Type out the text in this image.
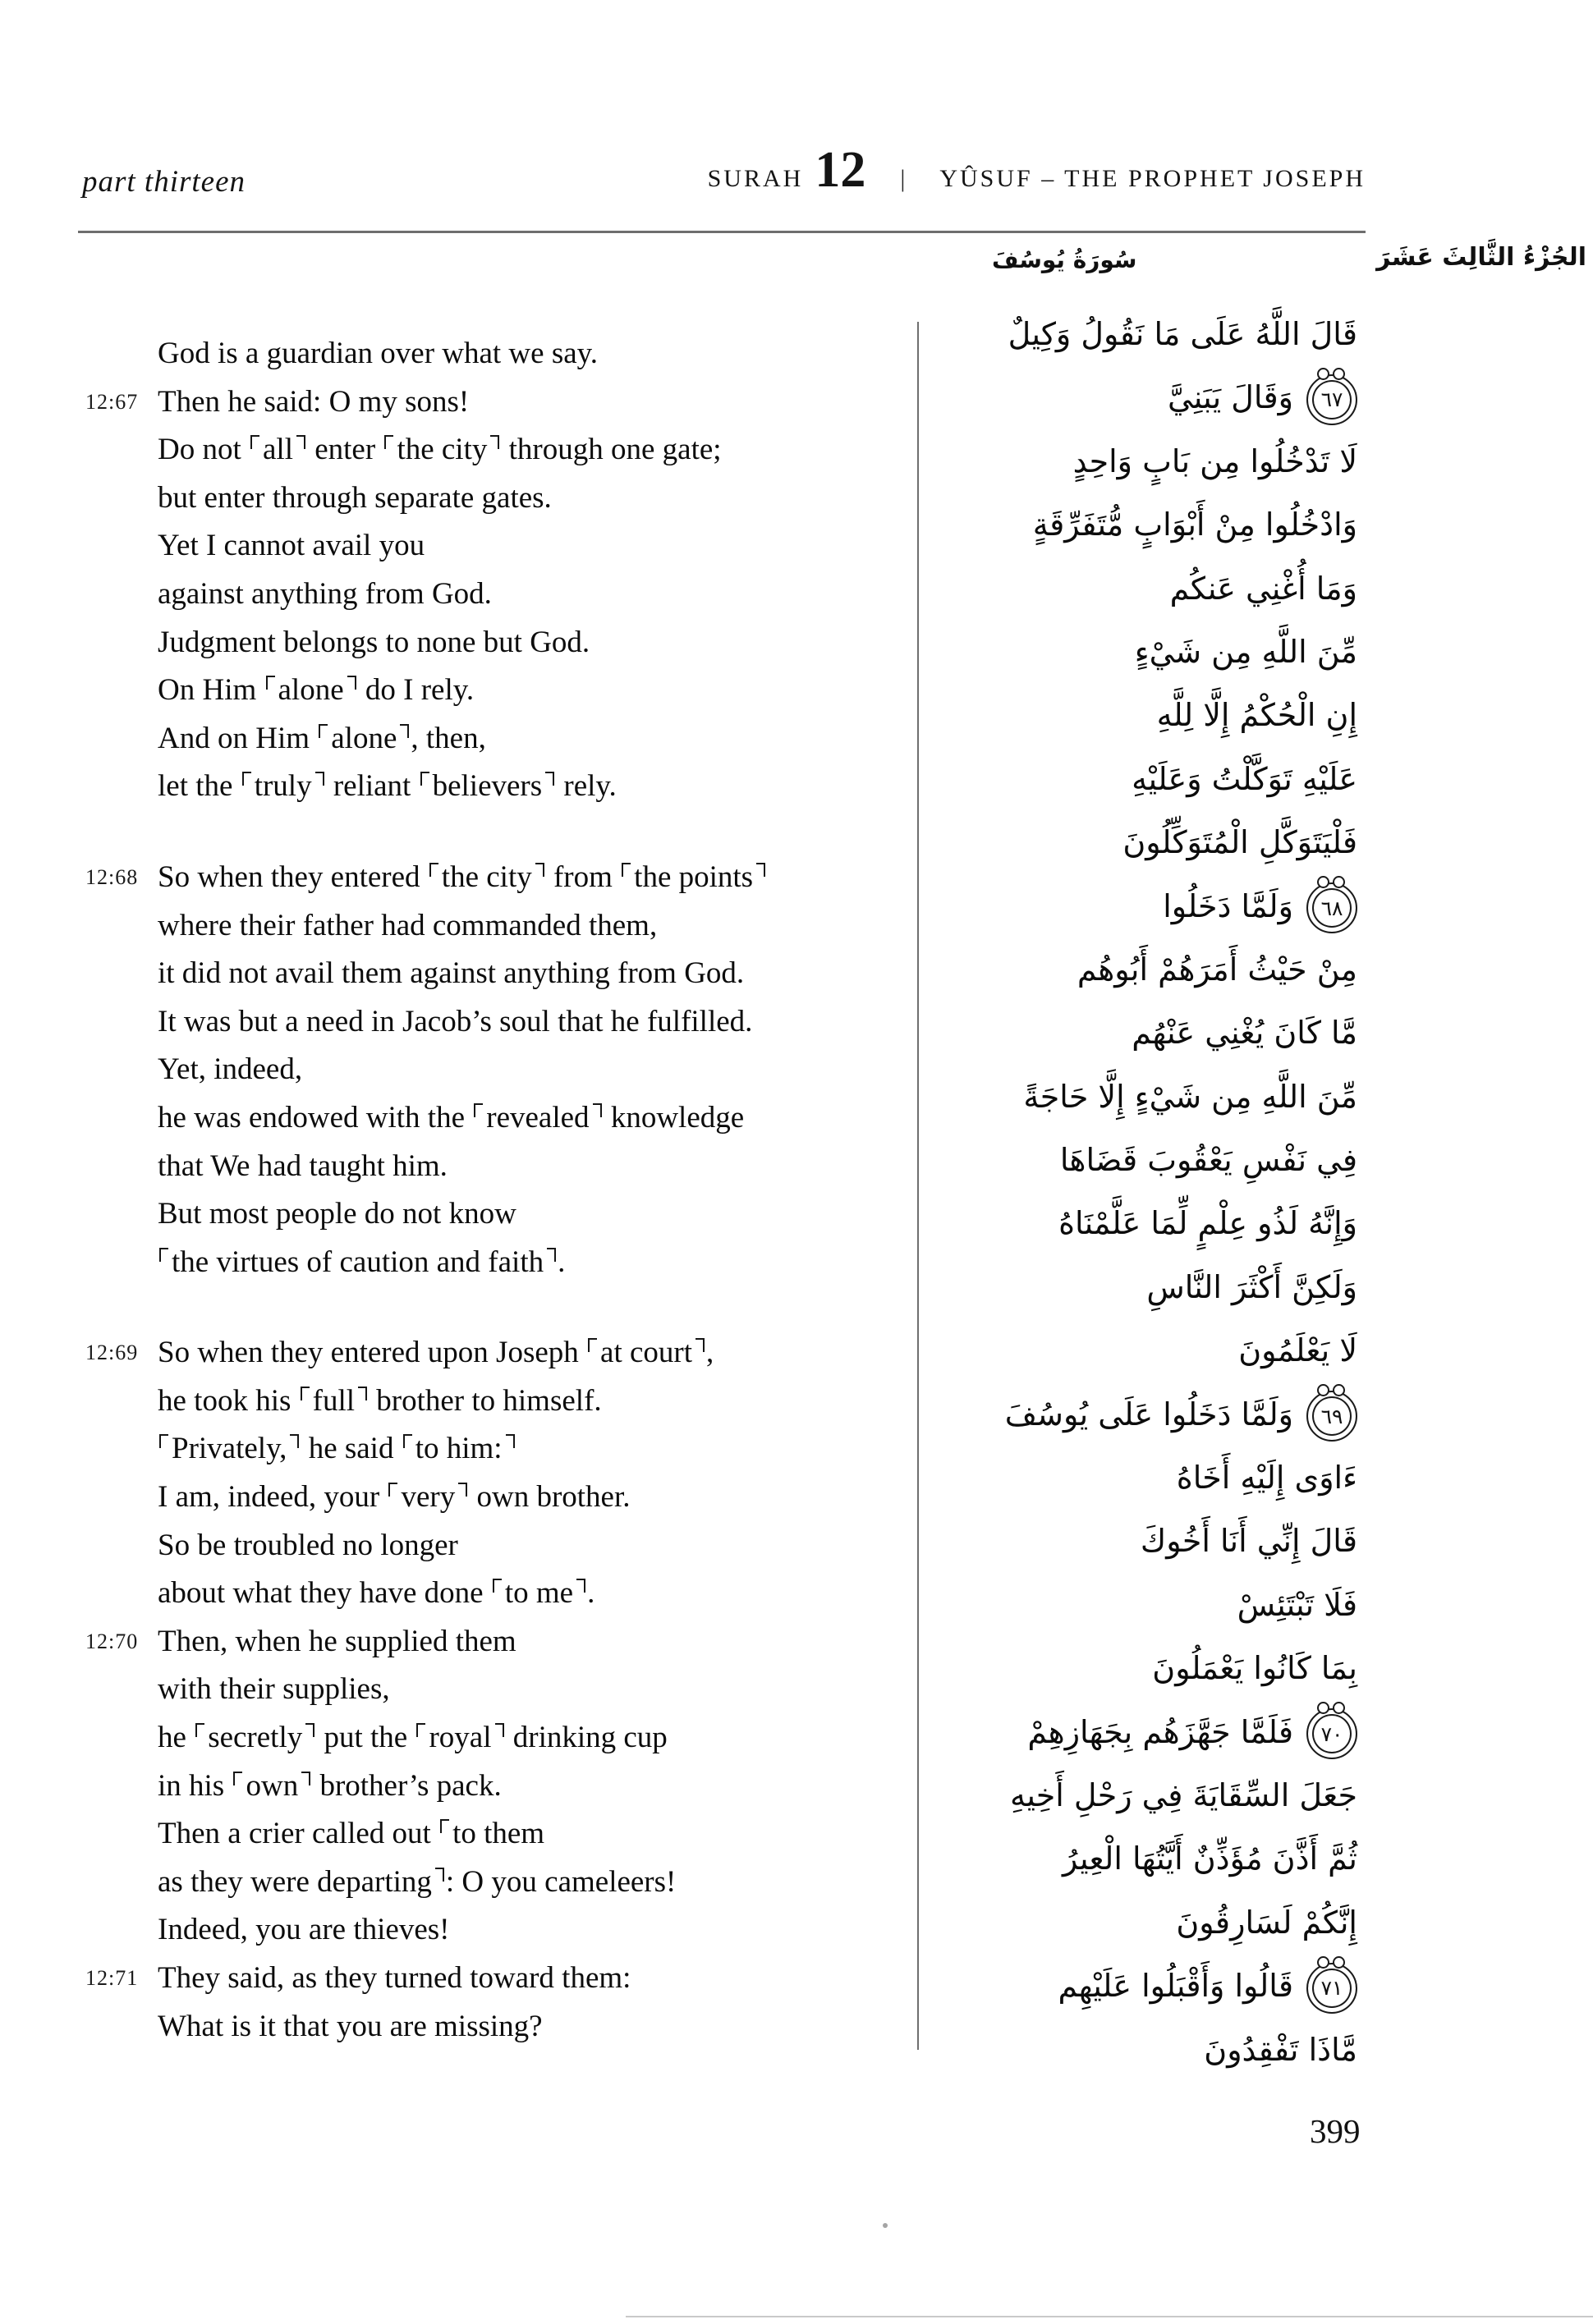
part thirteen	SURAH 12 | YÛSUF – THE PROPHET JOSEPH
الجُزْءُ الثَّالِثَ عَشَرَ
سُورَةُ يُوسُفَ
God is a guardian over what we say.
12:67 Then he said: O my sons!
Do not all enter the city through one gate;
but enter through separate gates.
Yet I cannot avail you
against anything from God.
Judgment belongs to none but God.
On Him alone do I rely.
And on Him alone , then,
let the truly reliant believers rely.
12:68 So when they entered the city from the points
where their father had commanded them,
it did not avail them against anything from God.
It was but a need in Jacob’s soul that he fulfilled.
Yet, indeed,
he was endowed with the revealed knowledge
that We had taught him.
But most people do not know
the virtues of caution and faith .
12:69 So when they entered upon Joseph at court ,
he took his full brother to himself.
Privately, he said to him:
I am, indeed, your very own brother.
So be troubled no longer
about what they have done to me .
12:70 Then, when he supplied them
with their supplies,
he secretly put the royal drinking cup
in his own brother’s pack.
Then a crier called out to them
as they were departing : O you cameleers!
Indeed, you are thieves!
12:71 They said, as they turned toward them:
What is it that you are missing?
قَالَ اللَّهُ عَلَى مَا نَقُولُ وَكِيلٌ
٦٧
وَقَالَ يَبَنِيَّ
لَا تَدْخُلُوا مِن بَابٍ وَاحِدٍ
وَادْخُلُوا مِنْ أَبْوَابٍ مُّتَفَرِّقَةٍ
وَمَا أُغْنِي عَنكُم
مِّنَ اللَّهِ مِن شَيْءٍ
إِنِ الْحُكْمُ إِلَّا لِلَّهِ
عَلَيْهِ تَوَكَّلْتُ وَعَلَيْهِ
فَلْيَتَوَكَّلِ الْمُتَوَكِّلُونَ
٦٨
وَلَمَّا دَخَلُوا
مِنْ حَيْثُ أَمَرَهُمْ أَبُوهُم
مَّا كَانَ يُغْنِي عَنْهُم
مِّنَ اللَّهِ مِن شَيْءٍ إِلَّا حَاجَةً
فِي نَفْسِ يَعْقُوبَ قَضَاهَا
وَإِنَّهُ لَذُو عِلْمٍ لِّمَا عَلَّمْنَاهُ
وَلَكِنَّ أَكْثَرَ النَّاسِ
لَا يَعْلَمُونَ
٦٩
وَلَمَّا دَخَلُوا عَلَى يُوسُفَ
ءَاوَى إِلَيْهِ أَخَاهُ
قَالَ إِنِّي أَنَا أَخُوكَ
فَلَا تَبْتَئِسْ
بِمَا كَانُوا يَعْمَلُونَ
٧٠
فَلَمَّا جَهَّزَهُم بِجَهَازِهِمْ
جَعَلَ السِّقَايَةَ فِي رَحْلِ أَخِيهِ
ثُمَّ أَذَّنَ مُؤَذِّنٌ أَيَّتُهَا الْعِيرُ
إِنَّكُمْ لَسَارِقُونَ
٧١
قَالُوا وَأَقْبَلُوا عَلَيْهِم
مَّاذَا تَفْقِدُونَ
399
